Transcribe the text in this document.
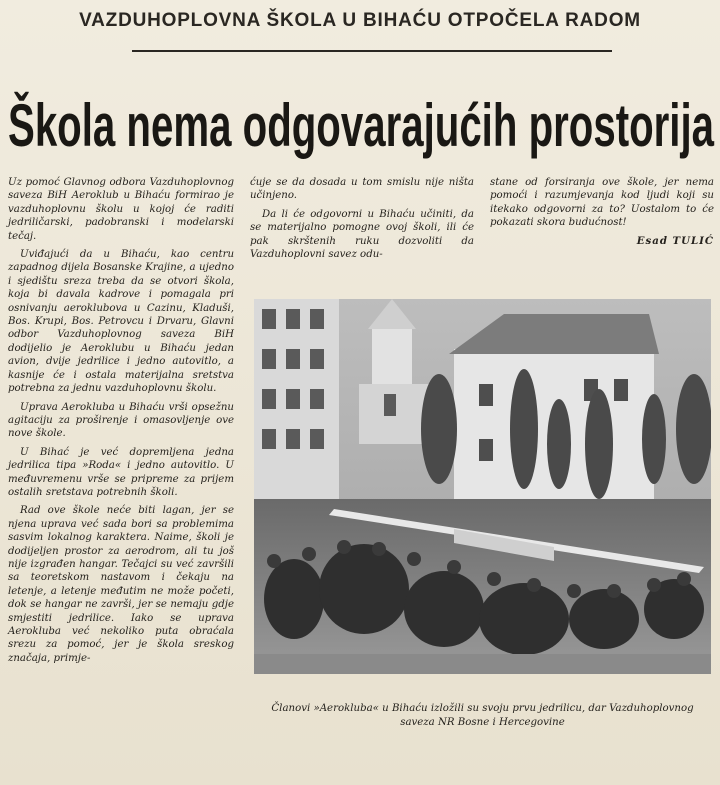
VAZDUHOPLOVNA ŠKOLA U BIHAĆU OTPOČELA RADOM
Škola nema odgovarajućih prostorija

Uz pomoć Glavnog odbora Vazduhoplovnog saveza BiH Aeroklub u Bihaću formirao je vazduhoplovnu školu u kojoj će raditi jedriličarski, padobranski i modelarski tečaj.

Uviđajući da u Bihaću, kao centru zapadnog dijela Bosanske Krajine, a ujedno i sjedištu sreza treba da se otvori škola, koja bi davala kadrove i pomagala pri osnivanju aeroklubova u Cazinu, Kladuši, Bos. Krupi, Bos. Petrovcu i Drvaru, Glavni odbor Vazduhoplovnog saveza BiH dodijelio je Aeroklubu u Bihaću jedan avion, dvije jedrilice i jedno autovitlo, a kasnije će i ostala materijalna sretstva potrebna za jednu vazduhoplovnu školu.

Uprava Aerokluba u Bihaću vrši opsežnu agitaciju za proširenje i omasovljenje ove nove škole.

U Bihać je već dopremljena jedna jedrilica tipa »Roda« i jedno autovitlo. U međuvremenu vrše se pripreme za prijem ostalih sretstava potrebnih školi.

Rad ove škole neće biti lagan, jer se njena uprava već sada bori sa problemima sasvim lokalnog karaktera. Naime, školi je dodijeljen prostor za aerodrom, ali tu još nije izgrađen hangar. Tečajci su već završili sa teoretskom nastavom i čekaju na letenje, a letenje međutim ne može početi, dok se hangar ne završi, jer se nemaju gdje smjestiti jedrilice. Iako se uprava Aerokluba već nekoliko puta obraćala srezu za pomoć, jer je škola sreskog značaja, primje-

ćuje se da dosada u tom smislu nije ništa učinjeno.

Da li će odgovorni u Bihaću učiniti, da se materijalno pomogne ovoj školi, ili će pak skrštenih ruku dozvoliti da Vazduhoplovni savez odu-

stane od forsiranja ove škole, jer nema pomoći i razumjevanja kod ljudi koji su itekako odgovorni za to? Uostalom to će pokazati skora budućnost!

Esad TULIĆ
Članovi »Aerokluba« u Bihaću izložili su svoju prvu jedrilicu, dar Vazduhoplovnog saveza NR Bosne i Hercegovine
